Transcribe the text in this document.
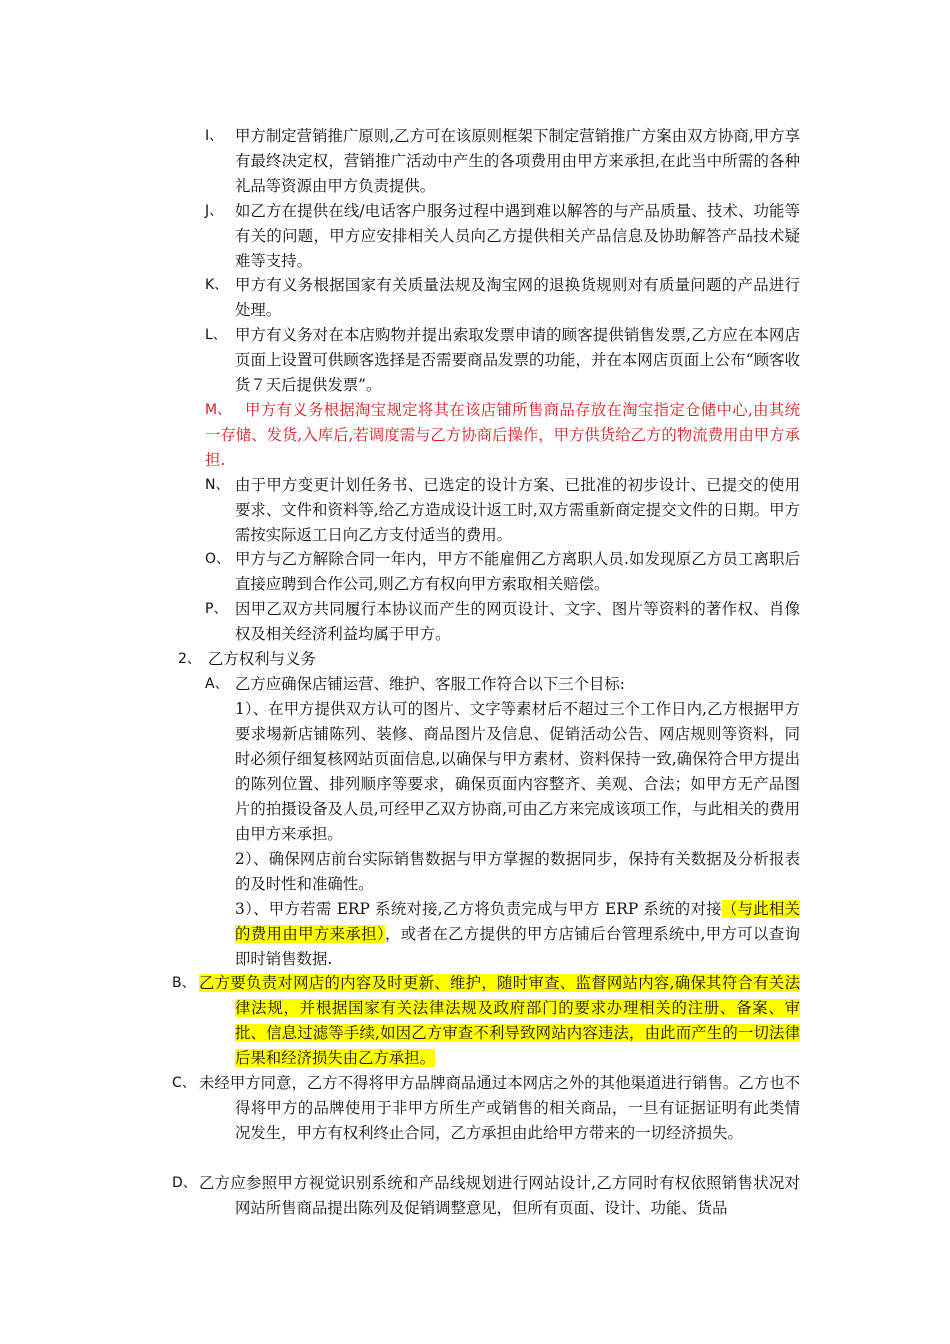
I、 甲方制定营销推广原则,乙方可在该原则框架下制定营销推广方案由双方协商,甲方享有最终决定权，营销推广活动中产生的各项费用由甲方来承担,在此当中所需的各种礼品等资源由甲方负责提供。
J、 如乙方在提供在线/电话客户服务过程中遇到难以解答的与产品质量、技术、功能等有关的问题，甲方应安排相关人员向乙方提供相关产品信息及协助解答产品技术疑难等支持。
K、 甲方有义务根据国家有关质量法规及淘宝网的退换货规则对有质量问题的产品进行处理。
L、 甲方有义务对在本店购物并提出索取发票申请的顾客提供销售发票,乙方应在本网店页面上设置可供顾客选择是否需要商品发票的功能，并在本网店页面上公布“顾客收货７天后提供发票”。
M、 甲方有义务根据淘宝规定将其在该店铺所售商品存放在淘宝指定仓储中心,由其统一存储、发货,入库后,若调度需与乙方协商后操作，甲方供货给乙方的物流费用由甲方承担.
N、 由于甲方变更计划任务书、已选定的设计方案、已批准的初步设计、已提交的使用要求、文件和资料等,给乙方造成设计返工时,双方需重新商定提交文件的日期。甲方需按实际返工日向乙方支付适当的费用。
O、 甲方与乙方解除合同一年内，甲方不能雇佣乙方离职人员.如发现原乙方员工离职后直接应聘到合作公司,则乙方有权向甲方索取相关赔偿。
P、 因甲乙双方共同履行本协议而产生的网页设计、文字、图片等资料的著作权、肖像权及相关经济利益均属于甲方。
2、 乙方权利与义务
A、 乙方应确保店铺运营、维护、客服工作符合以下三个目标:
1）、在甲方提供双方认可的图片、文字等素材后不超过三个工作日内,乙方根据甲方要求埸新店铺陈列、装修、商品图片及信息、促销活动公告、网店规则等资料，同时必须仔细复核网站页面信息,以确保与甲方素材、资料保持一致,确保符合甲方提出的陈列位置、排列顺序等要求，确保页面内容整齐、美观、合法；如甲方无产品图片的拍摄设备及人员,可经甲乙双方协商,可由乙方来完成该项工作，与此相关的费用由甲方来承担。
2）、确保网店前台实际销售数据与甲方掌握的数据同步，保持有关数据及分析报表的及时性和准确性。
3）、甲方若需 ERP 系统对接,乙方将负责完成与甲方 ERP 系统的对接（与此相关的费用由甲方来承担），或者在乙方提供的甲方店铺后台管理系统中,甲方可以查询即时销售数据.
B、 乙方要负责对网店的内容及时更新、维护，随时审查、监督网站内容,确保其符合有关法律法规，并根据国家有关法律法规及政府部门的要求办理相关的注册、备案、审批、信息过滤等手续,如因乙方审查不利导致网站内容违法，由此而产生的一切法律后果和经济损失由乙方承担。
C、 未经甲方同意，乙方不得将甲方品牌商品通过本网店之外的其他渠道进行销售。乙方也不得将甲方的品牌使用于非甲方所生产或销售的相关商品，一旦有证据证明有此类情况发生，甲方有权利终止合同，乙方承担由此给甲方带来的一切经济损失。
D、 乙方应参照甲方视觉识别系统和产品线规划进行网站设计,乙方同时有权依照销售状况对网站所售商品提出陈列及促销调整意见，但所有页面、设计、功能、货品
